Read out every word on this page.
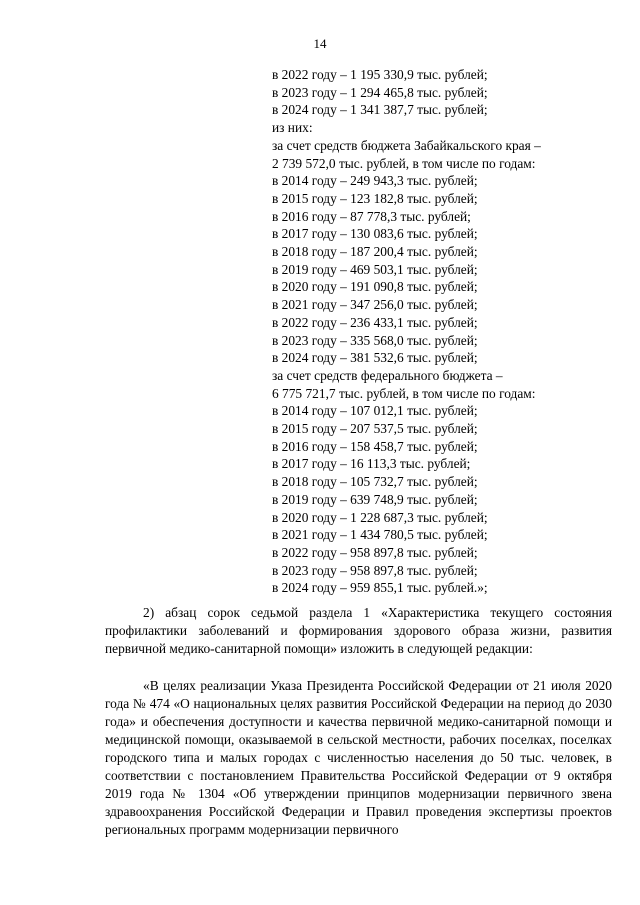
14
в 2022 году – 1 195 330,9 тыс. рублей;
в 2023 году – 1 294 465,8 тыс. рублей;
в 2024 году – 1 341 387,7 тыс. рублей;
из них:
за счет средств бюджета Забайкальского края –
2 739 572,0 тыс. рублей, в том числе по годам:
в 2014 году – 249 943,3 тыс. рублей;
в 2015 году – 123 182,8 тыс. рублей;
в 2016 году – 87 778,3 тыс. рублей;
в 2017 году – 130 083,6 тыс. рублей;
в 2018 году – 187 200,4 тыс. рублей;
в 2019 году – 469 503,1 тыс. рублей;
в 2020 году – 191 090,8 тыс. рублей;
в 2021 году – 347 256,0 тыс. рублей;
в 2022 году – 236 433,1 тыс. рублей;
в 2023 году – 335 568,0 тыс. рублей;
в 2024 году – 381 532,6 тыс. рублей;
за счет средств федерального бюджета –
6 775 721,7 тыс. рублей, в том числе по годам:
в 2014 году – 107 012,1 тыс. рублей;
в 2015 году – 207 537,5 тыс. рублей;
в 2016 году – 158 458,7 тыс. рублей;
в 2017 году – 16 113,3 тыс. рублей;
в 2018 году – 105 732,7 тыс. рублей;
в 2019 году – 639 748,9 тыс. рублей;
в 2020 году – 1 228 687,3 тыс. рублей;
в 2021 году – 1 434 780,5 тыс. рублей;
в 2022 году – 958 897,8 тыс. рублей;
в 2023 году – 958 897,8 тыс. рублей;
в 2024 году – 959 855,1 тыс. рублей.»;

2) абзац сорок седьмой раздела 1 «Характеристика текущего состояния профилактики заболеваний и формирования здорового образа жизни, развития первичной медико-санитарной помощи» изложить в следующей редакции:

«В целях реализации Указа Президента Российской Федерации от 21 июля 2020 года № 474 «О национальных целях развития Российской Федерации на период до 2030 года» и обеспечения доступности и качества первичной медико-санитарной помощи и медицинской помощи, оказываемой в сельской местности, рабочих поселках, поселках городского типа и малых городах с численностью населения до 50 тыс. человек, в соответствии с постановлением Правительства Российской Федерации от 9 октября 2019 года № 1304 «Об утверждении принципов модернизации первичного звена здравоохранения Российской Федерации и Правил проведения экспертизы проектов региональных программ модернизации первичного
